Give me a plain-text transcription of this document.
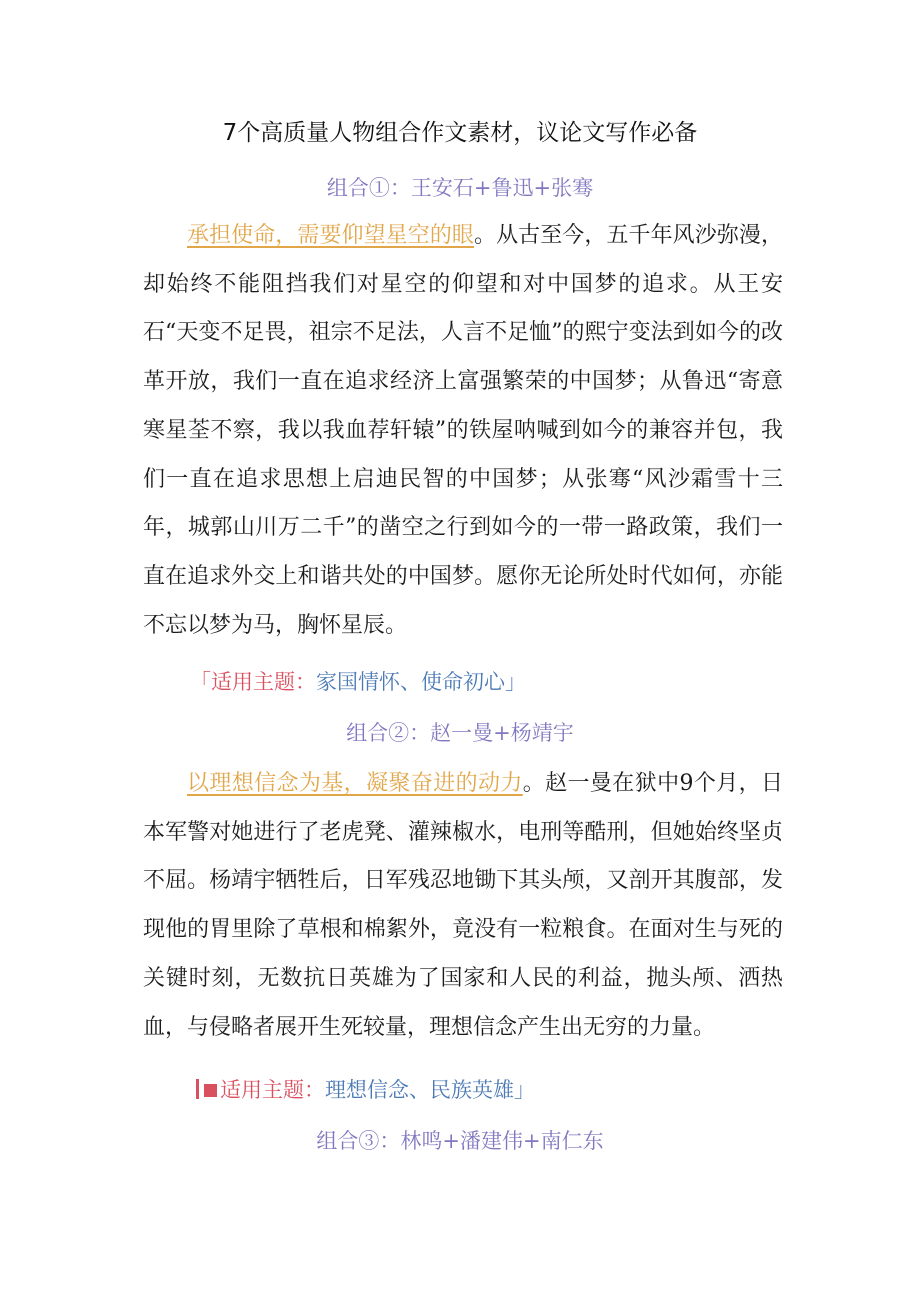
7个高质量人物组合作文素材，议论文写作必备
组合①：王安石+鲁迅+张骞
承担使命，需要仰望星空的眼。从古至今，五千年风沙弥漫，却始终不能阻挡我们对星空的仰望和对中国梦的追求。从王安石“天变不足畏，祖宗不足法，人言不足恤”的熙宁变法到如今的改革开放，我们一直在追求经济上富强繁荣的中国梦；从鲁迅“寄意寒星荃不察，我以我血荐轩辕”的铁屋呐喊到如今的兼容并包，我们一直在追求思想上启迪民智的中国梦；从张骞“风沙霜雪十三年，城郭山川万二千”的凿空之行到如今的一带一路政策，我们一直在追求外交上和谐共处的中国梦。愿你无论所处时代如何，亦能不忘以梦为马，胸怀星辰。
「适用主题：家国情怀、使命初心」
组合②：赵一曼+杨靖宇
以理想信念为基，凝聚奋进的动力。赵一曼在狱中9个月，日本军警对她进行了老虎凳、灌辣椒水，电刑等酷刑，但她始终坚贞不屈。杨靖宇牺牲后，日军残忍地锄下其头颅，又剖开其腹部，发现他的胃里除了草根和棉絮外，竟没有一粒粮食。在面对生与死的关键时刻，无数抗日英雄为了国家和人民的利益，抛头颅、洒热血，与侵略者展开生死较量，理想信念产生出无穷的力量。
适用主题：理想信念、民族英雄」
组合③：林鸣+潘建伟+南仁东
